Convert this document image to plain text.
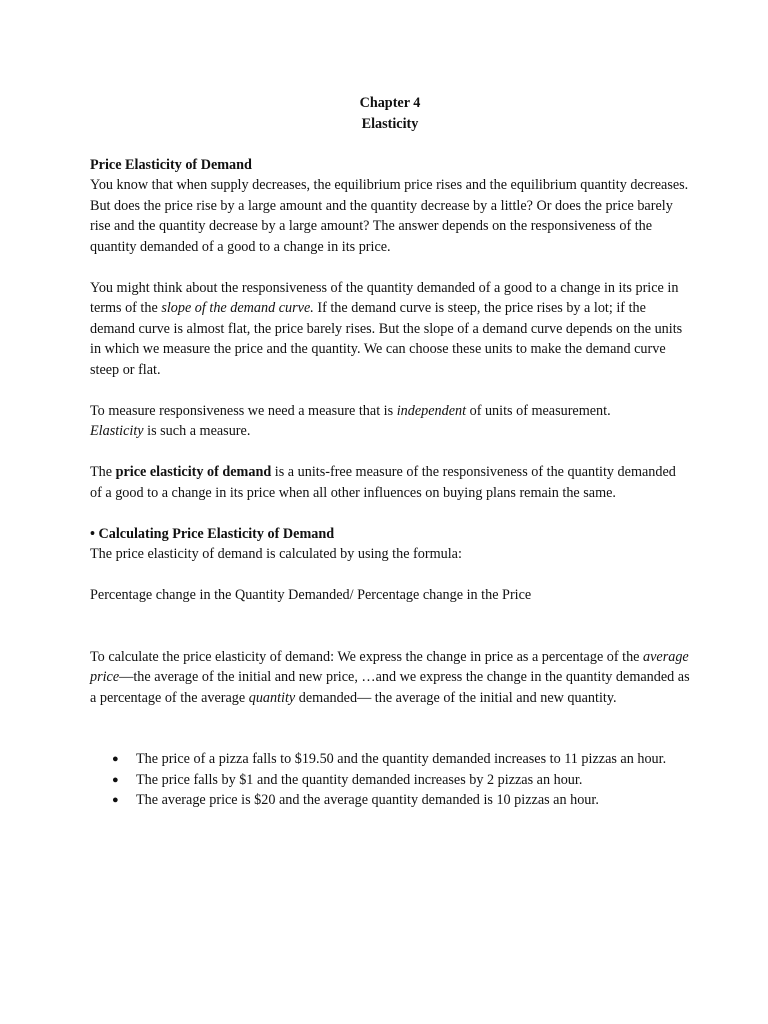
Chapter 4

Elasticity

Price Elasticity of Demand

You know that when supply decreases, the equilibrium price rises and the equilibrium quantity decreases. But does the price rise by a large amount and the quantity decrease by a little? Or does the price barely rise and the quantity decrease by a large amount? The answer depends on the responsiveness of the quantity demanded of a good to a change in its price.

You might think about the responsiveness of the quantity demanded of a good to a change in its price in terms of the slope of the demand curve. If the demand curve is steep, the price rises by a lot; if the demand curve is almost flat, the price barely rises. But the slope of a demand curve depends on the units in which we measure the price and the quantity. We can choose these units to make the demand curve steep or flat.

To measure responsiveness we need a measure that is independent of units of measurement.
Elasticity is such a measure.

The price elasticity of demand is a units-free measure of the responsiveness of the quantity demanded of a good to a change in its price when all other influences on buying plans remain the same.

• Calculating Price Elasticity of Demand

The price elasticity of demand is calculated by using the formula:

Percentage change in the Quantity Demanded/ Percentage change in the Price

To calculate the price elasticity of demand: We express the change in price as a percentage of the average price—the average of the initial and new price, …and we express the change in the quantity demanded as a percentage of the average quantity demanded— the average of the initial and new quantity.

● The price of a pizza falls to $19.50 and the quantity demanded increases to 11 pizzas an hour.
● The price falls by $1 and the quantity demanded increases by 2 pizzas an hour.
● The average price is $20 and the average quantity demanded is 10 pizzas an hour.
